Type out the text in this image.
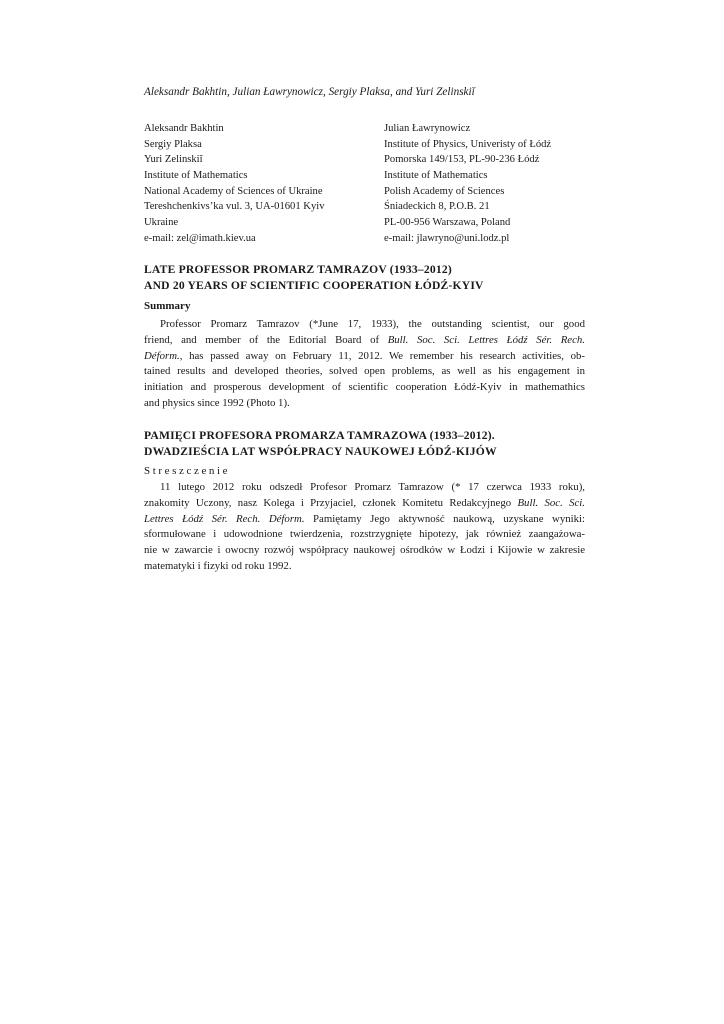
Aleksandr Bakhtin, Julian Ławrynowicz, Sergiy Plaksa, and Yuri Zelinskiĭ
Aleksandr Bakhtin
Sergiy Plaksa
Yuri Zelinskiĭ
Institute of Mathematics
National Academy of Sciences of Ukraine
Tereshchenkivs’ka vul. 3, UA-01601 Kyiv
Ukraine
e-mail: zel@imath.kiev.ua
Julian Ławrynowicz
Institute of Physics, Univeristy of Łódź
Pomorska 149/153, PL-90-236 Łódź
Institute of Mathematics
Polish Academy of Sciences
Śniadeckich 8, P.O.B. 21
PL-00-956 Warszawa, Poland
e-mail: jlawryno@uni.lodz.pl
LATE PROFESSOR PROMARZ TAMRAZOV (1933–2012)
AND 20 YEARS OF SCIENTIFIC COOPERATION ŁÓDŹ-KYIV
Summary
Professor Promarz Tamrazov (*June 17, 1933), the outstanding scientist, our good
friend, and member of the Editorial Board of Bull. Soc. Sci. Lettres Łódź Sér. Rech.
Déform., has passed away on February 11, 2012. We remember his research activities, ob-
tained results and developed theories, solved open problems, as well as his engagement in
initiation and prosperous development of scientific cooperation Łódź-Kyiv in mathemathics
and physics since 1992 (Photo 1).
PAMIĘCI PROFESORA PROMARZA TAMRAZOWA (1933–2012).
DWADZIEŚCIA LAT WSPÓŁPRACY NAUKOWEJ ŁÓDŹ-KIJÓW
Streszczenie
11 lutego 2012 roku odszedł Profesor Promarz Tamrazow (* 17 czerwca 1933 roku),
znakomity Uczony, nasz Kolega i Przyjaciel, członek Komitetu Redakcyjnego Bull. Soc. Sci.
Lettres Łódź Sér. Rech. Déform. Pamiętamy Jego aktywność naukową, uzyskane wyniki:
sformułowane i udowodnione twierdzenia, rozstrzygnięte hipotezy, jak również zaangażowa-
nie w zawarcie i owocny rozwój współpracy naukowej ośrodków w Łodzi i Kijowie w zakresie
matematyki i fizyki od roku 1992.
